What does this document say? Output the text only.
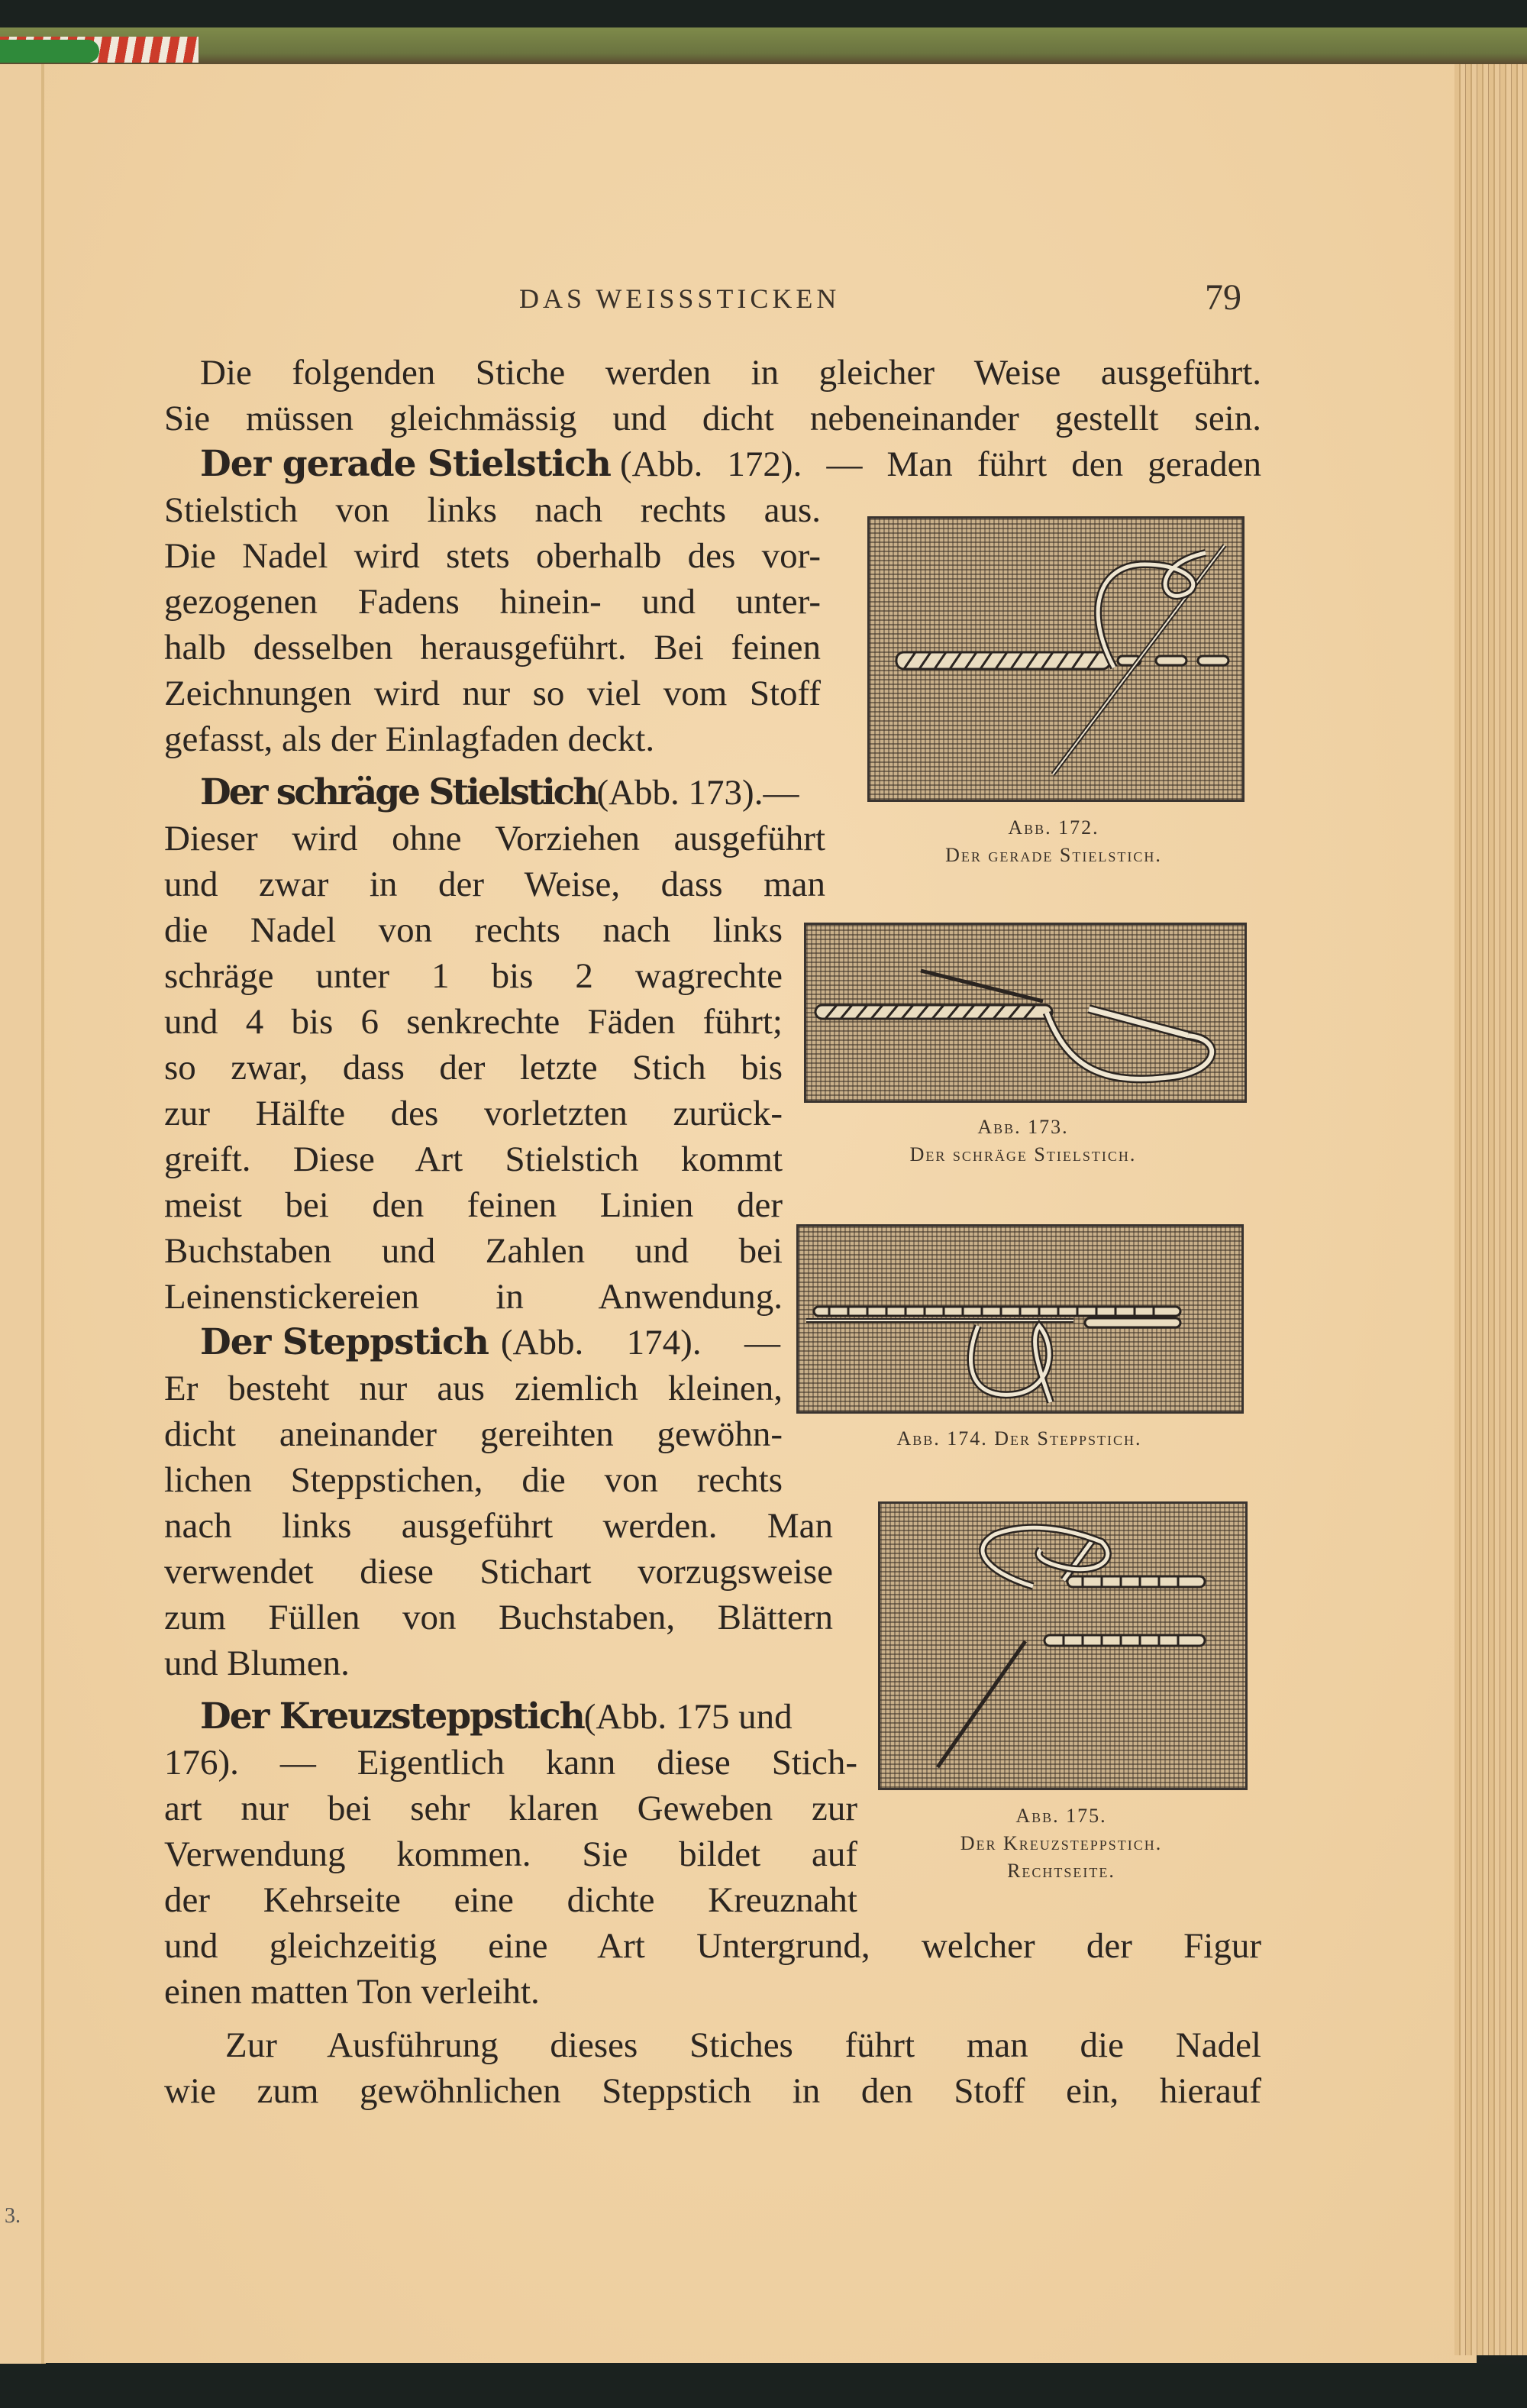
3.
DAS WEISSSTICKEN	79
Die folgenden Stiche werden in gleicher Weise ausgeführt.
Sie müssen gleichmässig und dicht nebeneinander gestellt sein.
Der gerade Stielstich (Abb. 172). — Man führt den geraden
Stielstich von links nach rechts aus.
Die Nadel wird stets oberhalb des vor-
gezogenen Fadens hinein- und unter-
halb desselben herausgeführt. Bei feinen
Zeichnungen wird nur so viel vom Stoff
gefasst, als der Einlagfaden deckt.
Der schräge Stielstich (Abb. 173).—
Dieser wird ohne Vorziehen ausgeführt
und zwar in der Weise, dass man
die Nadel von rechts nach links
schräge unter 1 bis 2 wagrechte
und 4 bis 6 senkrechte Fäden führt;
so zwar, dass der letzte Stich bis
zur Hälfte des vorletzten zurück-
greift. Diese Art Stielstich kommt
meist bei den feinen Linien der
Buchstaben und Zahlen und bei
Leinenstickereien in Anwendung.
Der Steppstich (Abb. 174). —
Er besteht nur aus ziemlich kleinen,
dicht aneinander gereihten gewöhn-
lichen Steppstichen, die von rechts
nach links ausgeführt werden. Man
verwendet diese Stichart vorzugsweise
zum Füllen von Buchstaben, Blättern
und Blumen.
Der Kreuzsteppstich (Abb. 175 und
176). — Eigentlich kann diese Stich-
art nur bei sehr klaren Geweben zur
Verwendung kommen. Sie bildet auf
der Kehrseite eine dichte Kreuznaht
und gleichzeitig eine Art Untergrund, welcher der Figur
einen matten Ton verleiht.
Zur Ausführung dieses Stiches führt man die Nadel
wie zum gewöhnlichen Steppstich in den Stoff ein, hierauf
Abb. 172.
Der gerade Stielstich.
Abb. 173.
Der schräge Stielstich.
Abb. 174. Der Steppstich.
Abb. 175.
Der Kreuzsteppstich.
Rechtseite.
